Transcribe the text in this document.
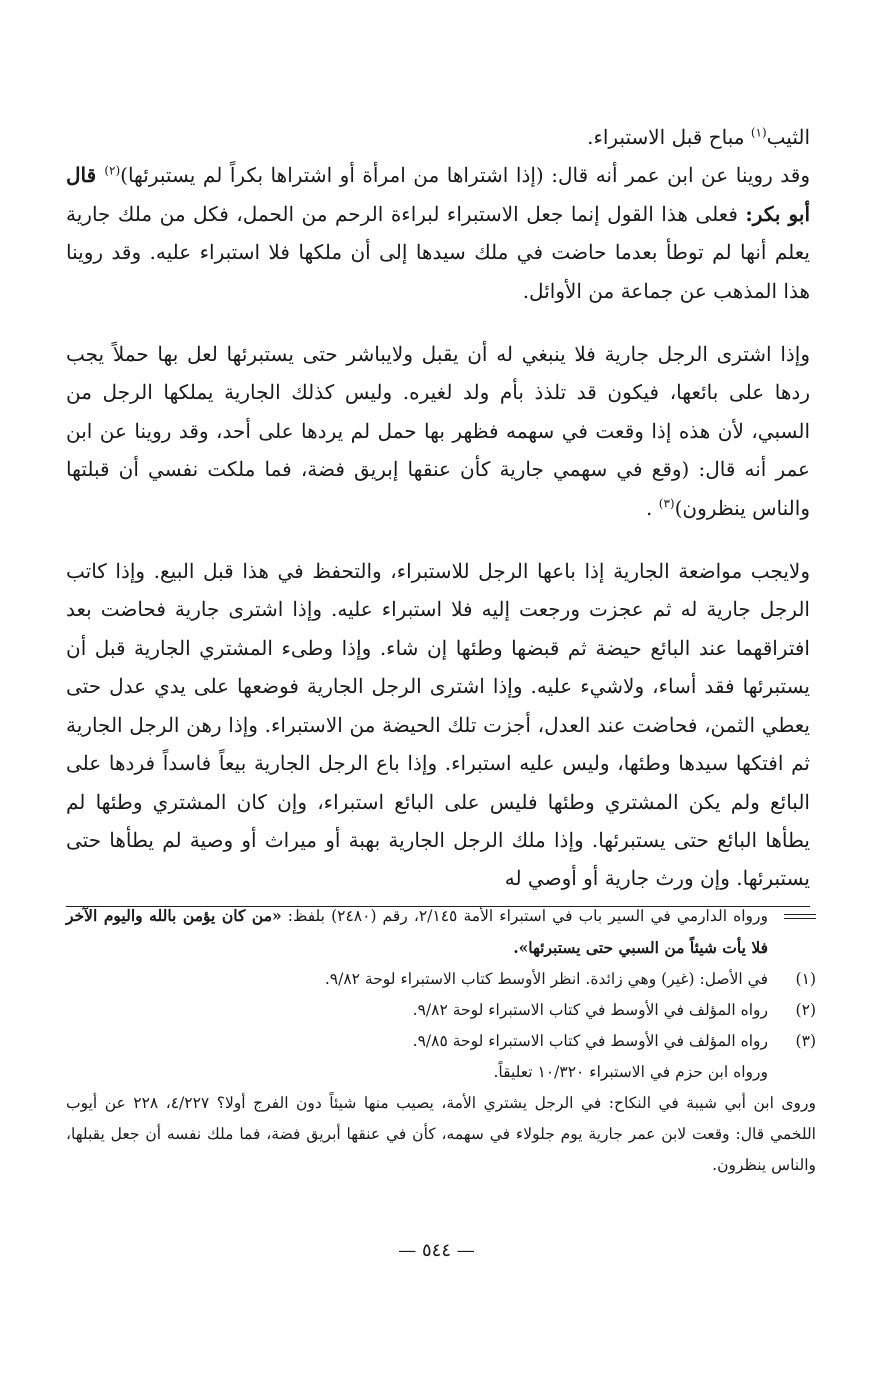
الثيب$^{(١)}$ مباح قبل الاستبراء.

وقد روينا عن ابن عمر أنه قال: (إذا اشتراها من امرأة أو اشتراها بكراً لم يستبرئها)$^{(٢)}$ قال أبو بكر: فعلى هذا القول إنما جعل الاستبراء لبراءة الرحم من الحمل، فكل من ملك جارية يعلم أنها لم توطأ بعدما حاضت في ملك سيدها إلى أن ملكها فلا استبراء عليه. وقد روينا هذا المذهب عن جماعة من الأوائل.

وإذا اشترى الرجل جارية فلا ينبغي له أن يقبل ولايباشر حتى يستبرئها لعل بها حملاً يجب ردها على بائعها، فيكون قد تلذذ بأم ولد لغيره. وليس كذلك الجارية يملكها الرجل من السبي، لأن هذه إذا وقعت في سهمه فظهر بها حمل لم يردها على أحد، وقد روينا عن ابن عمر أنه قال: (وقع في سهمي جارية كأن عنقها إبريق فضة، فما ملكت نفسي أن قبلتها والناس ينظرون)$^{(٣)}$ .

ولايجب مواضعة الجارية إذا باعها الرجل للاستبراء، والتحفظ في هذا قبل البيع. وإذا كاتب الرجل جارية له ثم عجزت ورجعت إليه فلا استبراء عليه. وإذا اشترى جارية فحاضت بعد افتراقهما عند البائع حيضة ثم قبضها وطئها إن شاء. وإذا وطىء المشتري الجارية قبل أن يستبرئها فقد أساء، ولاشيء عليه. وإذا اشترى الرجل الجارية فوضعها على يدي عدل حتى يعطي الثمن، فحاضت عند العدل، أجزت تلك الحيضة من الاستبراء. وإذا رهن الرجل الجارية ثم افتكها سيدها وطئها، وليس عليه استبراء. وإذا باع الرجل الجارية بيعاً فاسداً فردها على البائع ولم يكن المشتري وطئها فليس على البائع استبراء، وإن كان المشتري وطئها لم يطأها البائع حتى يستبرئها. وإذا ملك الرجل الجارية بهبة أو ميراث أو وصية لم يطأها حتى يستبرئها. وإن ورث جارية أو أوصي له

ورواه الدارمي في السير باب في استبراء الأمة ٢/١٤٥، رقم (٢٤٨٠) بلفظ: «من كان يؤمن بالله واليوم الآخر فلا يأت شيئاً من السبي حتى يستبرئها».

(١)
في الأصل: (غير) وهي زائدة. انظر الأوسط كتاب الاستبراء لوحة ٩/٨٢.

(٢)
رواه المؤلف في الأوسط في كتاب الاستبراء لوحة ٩/٨٢.

(٣)
رواه المؤلف في الأوسط في كتاب الاستبراء لوحة ٩/٨٥.

ورواه ابن حزم في الاستبراء ١٠/٣٢٠ تعليقاً.

وروى ابن أبي شيبة في النكاح: في الرجل يشتري الأمة، يصيب منها شيئاً دون الفرج أولا؟ ٤/٢٢٧، ٢٢٨ عن أيوب اللخمي قال: وقعت لابن عمر جارية يوم جلولاء في سهمه، كأن في عنقها أبريق فضة، فما ملك نفسه أن جعل يقبلها، والناس ينظرون.

— ٥٤٤ —
